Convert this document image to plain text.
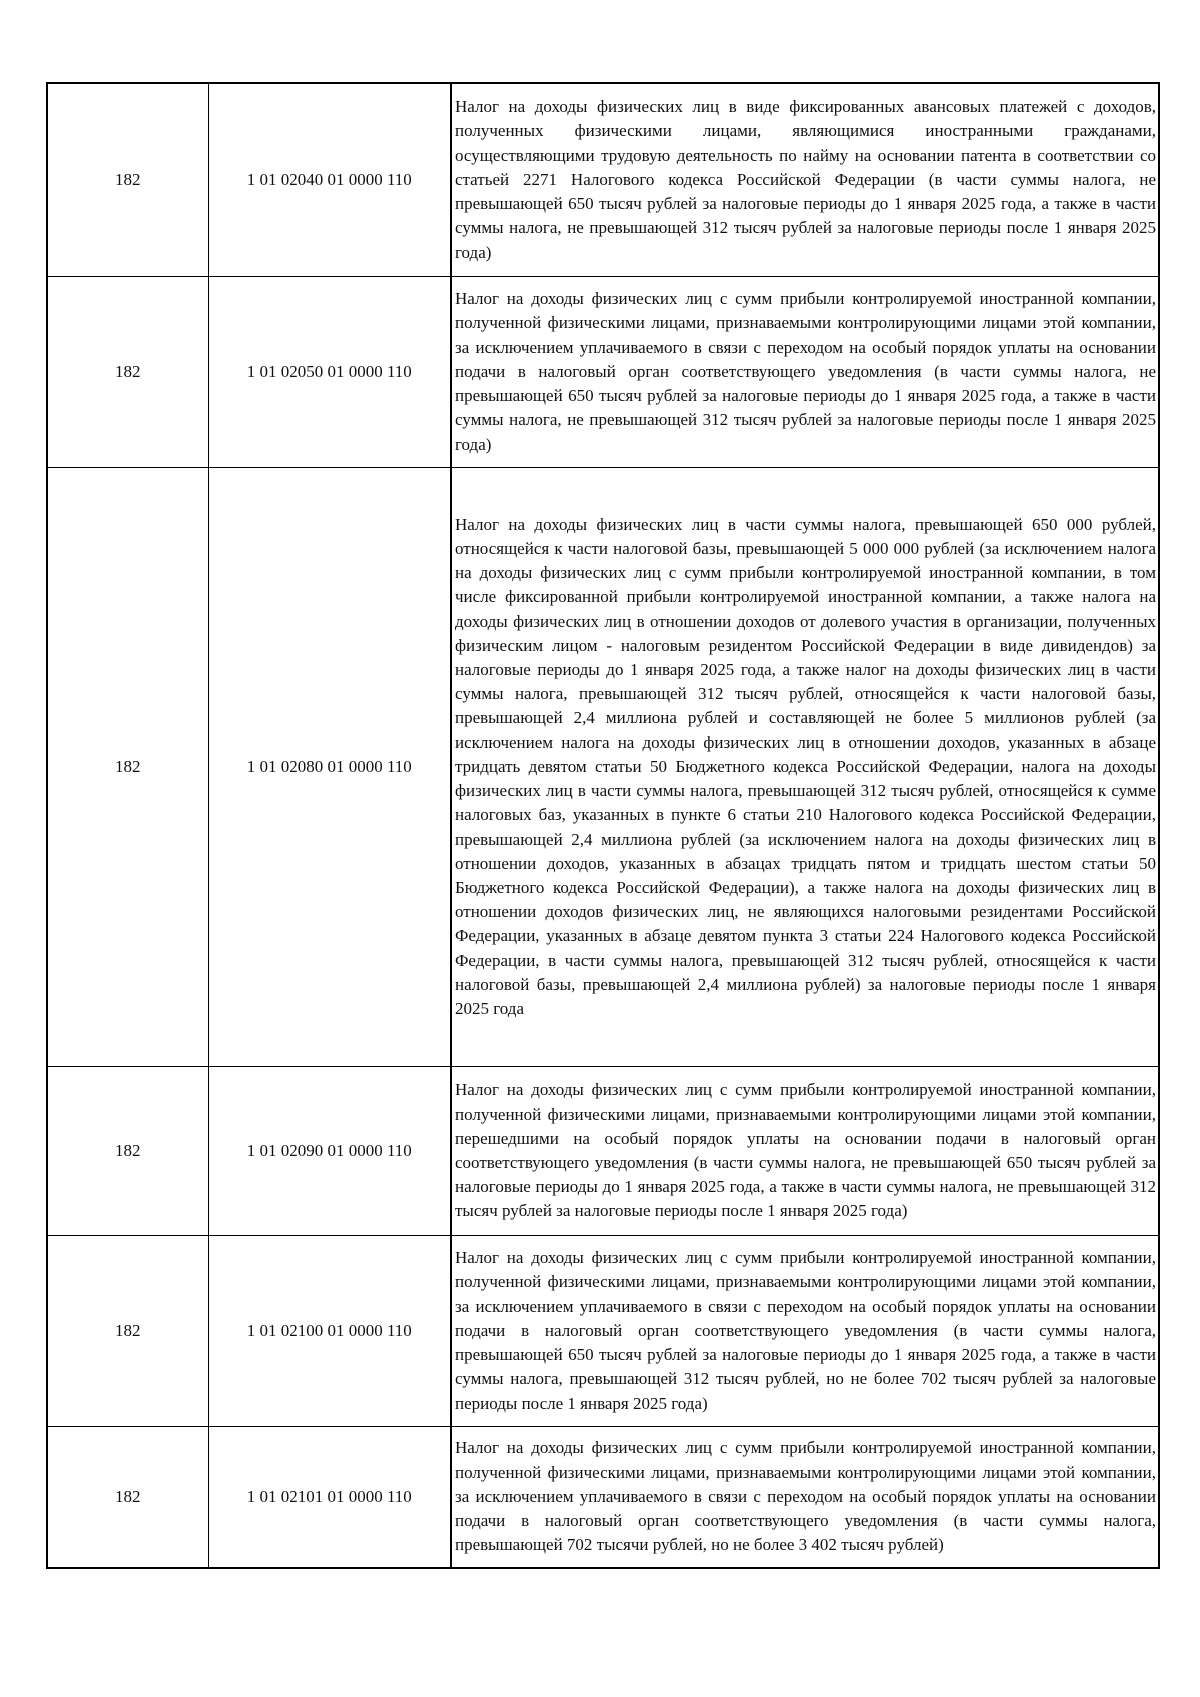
182	1 01 02040 01 0000 110	Налог на доходы физических лиц в виде фиксированных авансовых платежей с доходов, полученных физическими лицами, являющимися иностранными гражданами, осуществляющими трудовую деятельность по найму на основании патента в соответствии со статьей 2271 Налогового кодекса Российской Федерации (в части суммы налога, не превышающей 650 тысяч рублей за налоговые периоды до 1 января 2025 года, а также в части суммы налога, не превышающей 312 тысяч рублей за налоговые периоды после 1 января 2025 года)
182	1 01 02050 01 0000 110	Налог на доходы физических лиц с сумм прибыли контролируемой иностранной компании, полученной физическими лицами, признаваемыми контролирующими лицами этой компании, за исключением уплачиваемого в связи с переходом на особый порядок уплаты на основании подачи в налоговый орган соответствующего уведомления (в части суммы налога, не превышающей 650 тысяч рублей за налоговые периоды до 1 января 2025 года, а также в части суммы налога, не превышающей 312 тысяч рублей за налоговые периоды после 1 января 2025 года)
182	1 01 02080 01 0000 110	Налог на доходы физических лиц в части суммы налога, превышающей 650 000 рублей, относящейся к части налоговой базы, превышающей 5 000 000 рублей (за исключением налога на доходы физических лиц с сумм прибыли контролируемой иностранной компании, в том числе фиксированной прибыли контролируемой иностранной компании, а также налога на доходы физических лиц в отношении доходов от долевого участия в организации, полученных физическим лицом - налоговым резидентом Российской Федерации в виде дивидендов) за налоговые периоды до 1 января 2025 года, а также налог на доходы физических лиц в части суммы налога, превышающей 312 тысяч рублей, относящейся к части налоговой базы, превышающей 2,4 миллиона рублей и составляющей не более 5 миллионов рублей (за исключением налога на доходы физических лиц в отношении доходов, указанных в абзаце тридцать девятом статьи 50 Бюджетного кодекса Российской Федерации, налога на доходы физических лиц в части суммы налога, превышающей 312 тысяч рублей, относящейся к сумме налоговых баз, указанных в пункте 6 статьи 210 Налогового кодекса Российской Федерации, превышающей 2,4 миллиона рублей (за исключением налога на доходы физических лиц в отношении доходов, указанных в абзацах тридцать пятом и тридцать шестом статьи 50 Бюджетного кодекса Российской Федерации), а также налога на доходы физических лиц в отношении доходов физических лиц, не являющихся налоговыми резидентами Российской Федерации, указанных в абзаце девятом пункта 3 статьи 224 Налогового кодекса Российской Федерации, в части суммы налога, превышающей 312 тысяч рублей, относящейся к части налоговой базы, превышающей 2,4 миллиона рублей) за налоговые периоды после 1 января 2025 года
182	1 01 02090 01 0000 110	Налог на доходы физических лиц с сумм прибыли контролируемой иностранной компании, полученной физическими лицами, признаваемыми контролирующими лицами этой компании, перешедшими на особый порядок уплаты на основании подачи в налоговый орган соответствующего уведомления (в части суммы налога, не превышающей 650 тысяч рублей за налоговые периоды до 1 января 2025 года, а также в части суммы налога, не превышающей 312 тысяч рублей за налоговые периоды после 1 января 2025 года)
182	1 01 02100 01 0000 110	Налог на доходы физических лиц с сумм прибыли контролируемой иностранной компании, полученной физическими лицами, признаваемыми контролирующими лицами этой компании, за исключением уплачиваемого в связи с переходом на особый порядок уплаты на основании подачи в налоговый орган соответствующего уведомления (в части суммы налога, превышающей 650 тысяч рублей за налоговые периоды до 1 января 2025 года, а также в части суммы налога, превышающей 312 тысяч рублей, но не более 702 тысяч рублей за налоговые периоды после 1 января 2025 года)
182	1 01 02101 01 0000 110	Налог на доходы физических лиц с сумм прибыли контролируемой иностранной компании, полученной физическими лицами, признаваемыми контролирующими лицами этой компании, за исключением уплачиваемого в связи с переходом на особый порядок уплаты на основании подачи в налоговый орган соответствующего уведомления (в части суммы налога, превышающей 702 тысячи рублей, но не более 3 402 тысяч рублей)
